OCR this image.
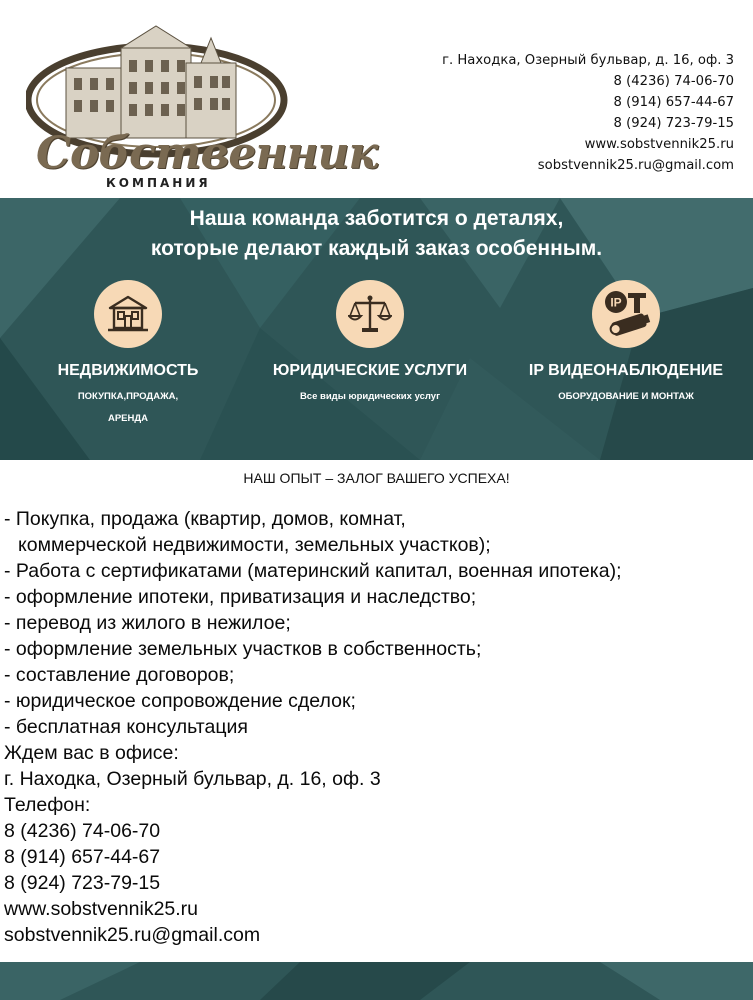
Собственник
КОМПАНИЯ
г. Находка, Озерный бульвар, д. 16, оф. 3
8 (4236) 74-06-70
8 (914) 657-44-67
8 (924) 723-79-15
www.sobstvennik25.ru
sobstvennik25.ru@gmail.com
Наша команда заботится о деталях,
которые делают каждый заказ особенным.
НЕДВИЖИМОСТЬ
ПОКУПКА,ПРОДАЖА,
АРЕНДА
ЮРИДИЧЕСКИЕ УСЛУГИ
Все виды юридических услуг
IP
IP ВИДЕОНАБЛЮДЕНИЕ
ОБОРУДОВАНИЕ И МОНТАЖ
НАШ ОПЫТ – ЗАЛОГ ВАШЕГО УСПЕХА!
- Покупка, продажа (квартир, домов, комнат,
коммерческой недвижимости, земельных участков);
- Работа с сертификатами (материнский капитал, военная ипотека);
- оформление ипотеки, приватизация и наследство;
- перевод из жилого в нежилое;
- оформление земельных участков в собственность;
- составление договоров;
- юридическое сопровождение сделок;
- бесплатная консультация
Ждем вас в офисе:
г. Находка, Озерный бульвар, д. 16, оф. 3
Телефон:
8 (4236) 74-06-70
8 (914) 657-44-67
8 (924) 723-79-15
www.sobstvennik25.ru
sobstvennik25.ru@gmail.com
